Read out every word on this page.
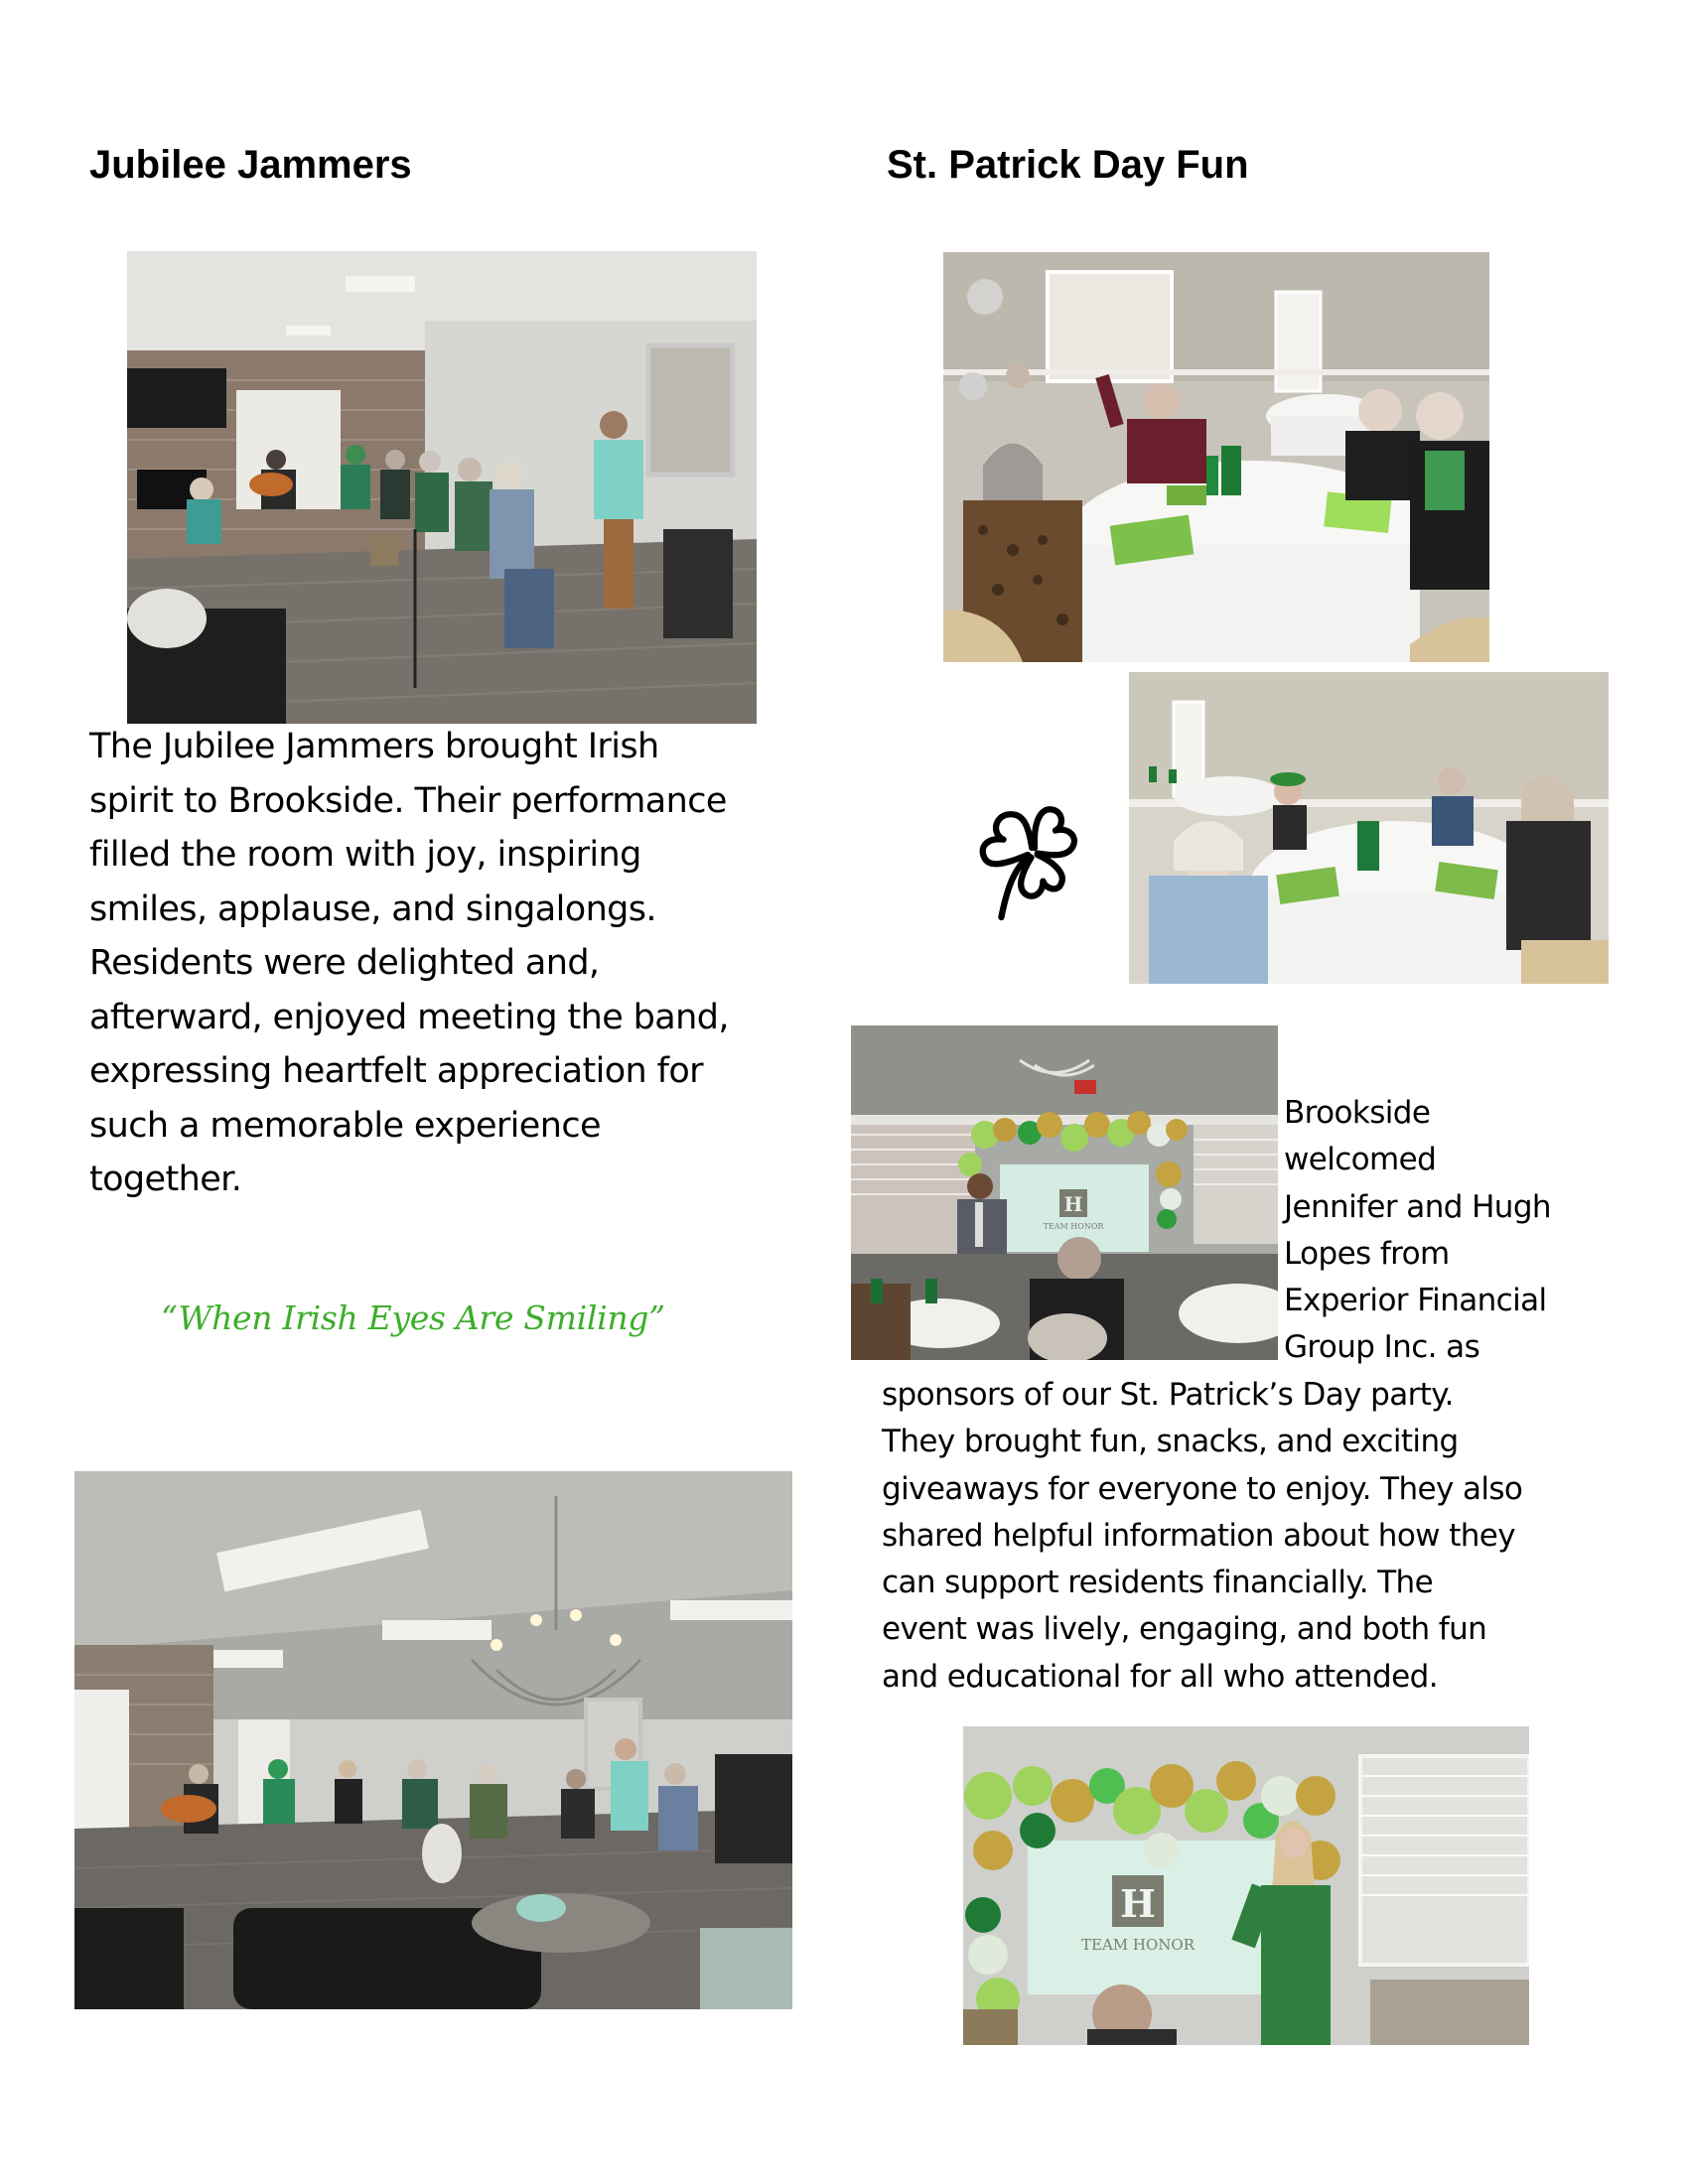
Jubilee Jammers
The Jubilee Jammers brought Irish
spirit to Brookside. Their performance
filled the room with joy, inspiring
smiles, applause, and singalongs.
Residents were delighted and,
afterward, enjoyed meeting the band,
expressing heartfelt appreciation for
such a memorable experience
together.
“When Irish Eyes Are Smiling”
St. Patrick Day Fun
H
TEAM HONOR
Brookside
welcomed
Jennifer and Hugh
Lopes from
Experior Financial
Group Inc. as
sponsors of our St. Patrick’s Day party.
They brought fun, snacks, and exciting
giveaways for everyone to enjoy. They also
shared helpful information about how they
can support residents financially. The
event was lively, engaging, and both fun
and educational for all who attended.
H
TEAM HONOR
